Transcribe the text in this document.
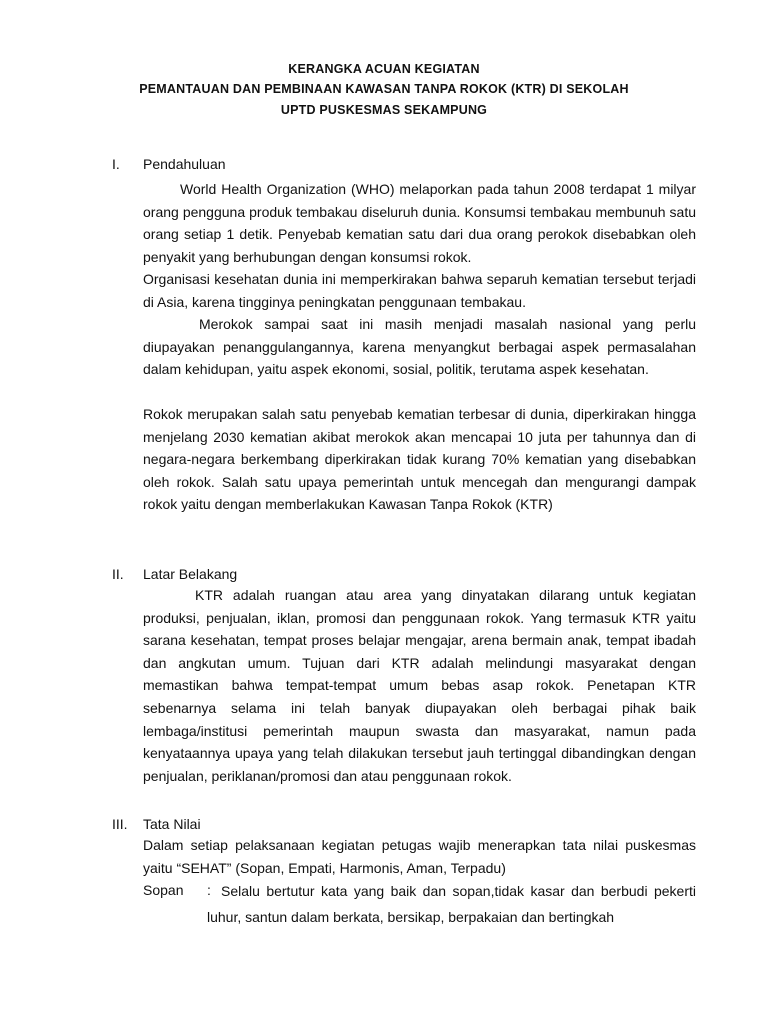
KERANGKA ACUAN KEGIATAN
PEMANTAUAN DAN PEMBINAAN KAWASAN TANPA ROKOK (KTR) DI SEKOLAH
UPTD PUSKESMAS SEKAMPUNG
I. Pendahuluan

World Health Organization (WHO) melaporkan pada tahun 2008 terdapat 1 milyar orang pengguna produk tembakau diseluruh dunia. Konsumsi tembakau membunuh satu orang setiap 1 detik. Penyebab kematian satu dari dua orang perokok disebabkan oleh penyakit yang berhubungan dengan konsumsi rokok.

Organisasi kesehatan dunia ini memperkirakan bahwa separuh kematian tersebut terjadi di Asia, karena tingginya peningkatan penggunaan tembakau.

Merokok sampai saat ini masih menjadi masalah nasional yang perlu diupayakan penanggulangannya, karena menyangkut berbagai aspek permasalahan dalam kehidupan, yaitu aspek ekonomi, sosial, politik, terutama aspek kesehatan.

Rokok merupakan salah satu penyebab kematian terbesar di dunia, diperkirakan hingga menjelang 2030 kematian akibat merokok akan mencapai 10 juta per tahunnya dan di negara-negara berkembang diperkirakan tidak kurang 70% kematian yang disebabkan oleh rokok. Salah satu upaya pemerintah untuk mencegah dan mengurangi dampak rokok yaitu dengan memberlakukan Kawasan Tanpa Rokok (KTR)

II. Latar Belakang

KTR adalah ruangan atau area yang dinyatakan dilarang untuk kegiatan produksi, penjualan, iklan, promosi dan penggunaan rokok. Yang termasuk KTR yaitu sarana kesehatan, tempat proses belajar mengajar, arena bermain anak, tempat ibadah dan angkutan umum. Tujuan dari KTR adalah melindungi masyarakat dengan memastikan bahwa tempat-tempat umum bebas asap rokok. Penetapan KTR sebenarnya selama ini telah banyak diupayakan oleh berbagai pihak baik lembaga/institusi pemerintah maupun swasta dan masyarakat, namun pada kenyataannya upaya yang telah dilakukan tersebut jauh tertinggal dibandingkan dengan penjualan, periklanan/promosi dan atau penggunaan rokok.

III. Tata Nilai

Dalam setiap pelaksanaan kegiatan petugas wajib menerapkan tata nilai puskesmas yaitu “SEHAT” (Sopan, Empati, Harmonis, Aman, Terpadu)

Sopan : Selalu bertutur kata yang baik dan sopan,tidak kasar dan berbudi pekerti luhur, santun dalam berkata, bersikap, berpakaian dan bertingkah
